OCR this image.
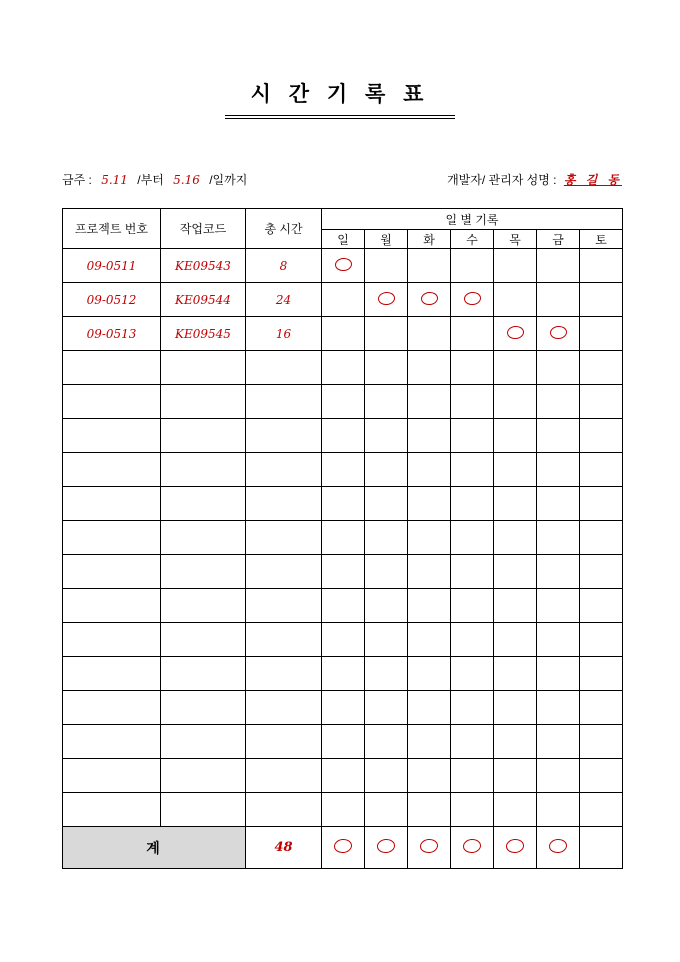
시 간 기 록 표
금주 : 5.11 /부터 5.16 /일까지	개발자/ 관리자 성명 : 홍 길 동
프로젝트 번호	작업코드	총 시간	일 별 기록						
			일	월	화	수	목	금	토
09-0511	KE09543	8							
09-0512	KE09544	24							
09-0513	KE09545	16							

계		48							
